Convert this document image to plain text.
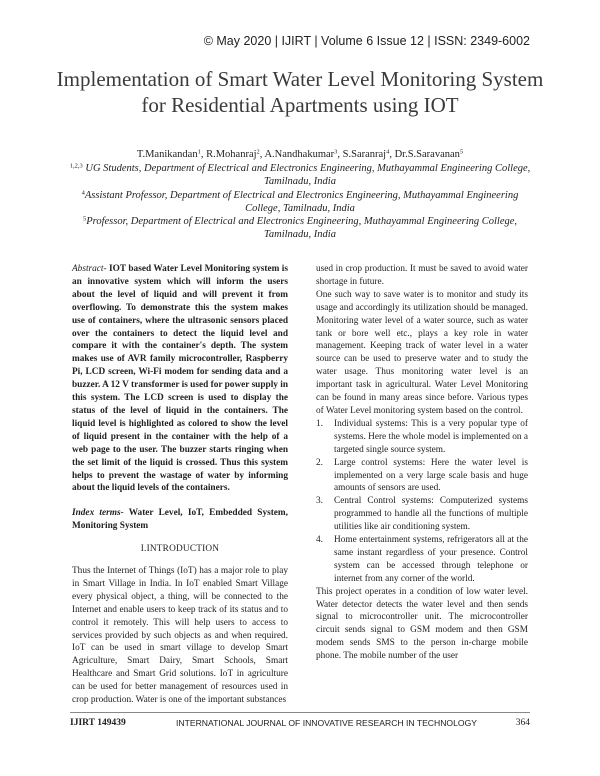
© May 2020 | IJIRT | Volume 6 Issue 12 | ISSN: 2349-6002
Implementation of Smart Water Level Monitoring System
for Residential Apartments using IOT
T.Manikandan$^1$, R.Mohanraj$^2$, A.Nandhakumar$^3$, S.Saranraj$^4$, Dr.S.Saravanan$^5$
$^{1,2,3}$ UG Students, Department of Electrical and Electronics Engineering, Muthayammal Engineering College, Tamilnadu, India
$^4$Assistant Professor, Department of Electrical and Electronics Engineering, Muthayammal Engineering College, Tamilnadu, India
$^5$Professor, Department of Electrical and Electronics Engineering, Muthayammal Engineering College, Tamilnadu, India
Abstract- IOT based Water Level Monitoring system is an innovative system which will inform the users about the level of liquid and will prevent it from overflowing. To demonstrate this the system makes use of containers, where the ultrasonic sensors placed over the containers to detect the liquid level and compare it with the container's depth. The system makes use of AVR family microcontroller, Raspberry Pi, LCD screen, Wi-Fi modem for sending data and a buzzer. A 12 V transformer is used for power supply in this system. The LCD screen is used to display the status of the level of liquid in the containers. The liquid level is highlighted as colored to show the level of liquid present in the container with the help of a web page to the user. The buzzer starts ringing when the set limit of the liquid is crossed. Thus this system helps to prevent the wastage of water by informing about the liquid levels of the containers.
Index terms- Water Level, IoT, Embedded System, Monitoring System
I.INTRODUCTION
Thus the Internet of Things (IoT) has a major role to play in Smart Village in India. In IoT enabled Smart Village every physical object, a thing, will be connected to the Internet and enable users to keep track of its status and to control it remotely. This will help users to access to services provided by such objects as and when required. IoT can be used in smart village to develop Smart Agriculture, Smart Dairy, Smart Schools, Smart Healthcare and Smart Grid solutions. IoT in agriculture can be used for better management of resources used in crop production. Water is one of the important substances
used in crop production. It must be saved to avoid water shortage in future.
One such way to save water is to monitor and study its usage and accordingly its utilization should be managed. Monitoring water level of a water source, such as water tank or bore well etc., plays a key role in water management. Keeping track of water level in a water source can be used to preserve water and to study the water usage. Thus monitoring water level is an important task in agricultural. Water Level Monitoring can be found in many areas since before. Various types of Water Level monitoring system based on the control.
1. Individual systems: This is a very popular type of systems. Here the whole model is implemented on a targeted single source system.
2. Large control systems: Here the water level is implemented on a very large scale basis and huge amounts of sensors are used.
3. Central Control systems: Computerized systems programmed to handle all the functions of multiple utilities like air conditioning system.
4. Home entertainment systems, refrigerators all at the same instant regardless of your presence. Control system can be accessed through telephone or internet from any corner of the world.
This project operates in a condition of low water level. Water detector detects the water level and then sends signal to microcontroller unit. The microcontroller circuit sends signal to GSM modem and then GSM modem sends SMS to the person in-charge mobile phone. The mobile number of the user
IJIRT 149439	INTERNATIONAL JOURNAL OF INNOVATIVE RESEARCH IN TECHNOLOGY	364
